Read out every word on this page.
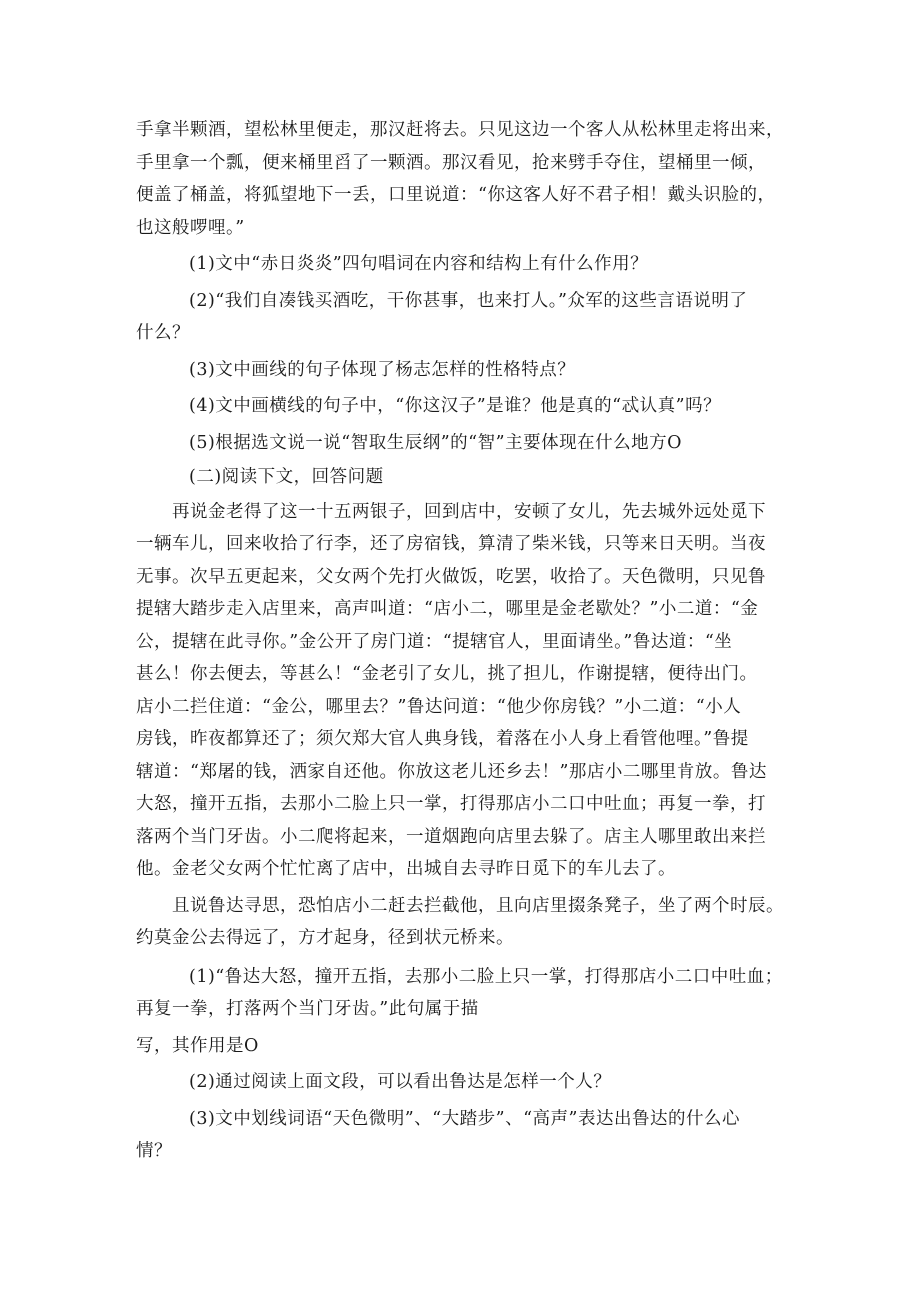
手拿半颗酒，望松林里便走，那汉赶将去。只见这边一个客人从松林里走将出来，

手里拿一个瓢，便来桶里舀了一颗酒。那汉看见，抢来劈手夺住，望桶里一倾，

便盖了桶盖，将狐望地下一丢，口里说道：“你这客人好不君子相！戴头识脸的，

也这般啰哩。”

(1)文中“赤日炎炎”四句唱词在内容和结构上有什么作用？

(2)“我们自凑钱买酒吃，干你甚事，也来打人。”众军的这些言语说明了

什么？

(3)文中画线的句子体现了杨志怎样的性格特点？

(4)文中画横线的句子中，“你这汉子”是谁？他是真的“忒认真”吗？

(5)根据选文说一说“智取生辰纲”的“智”主要体现在什么地方O

(二)阅读下文，回答问题

再说金老得了这一十五两银子，回到店中，安顿了女儿，先去城外远处觅下

一辆车儿，回来收拾了行李，还了房宿钱，算清了柴米钱，只等来日天明。当夜

无事。次早五更起来，父女两个先打火做饭，吃罢，收拾了。天色微明，只见鲁

提辖大踏步走入店里来，高声叫道：“店小二，哪里是金老歇处？”小二道：“金

公，提辖在此寻你。”金公开了房门道：“提辖官人，里面请坐。”鲁达道：“坐

甚么！你去便去，等甚么！“金老引了女儿，挑了担儿，作谢提辖，便待出门。

店小二拦住道：“金公，哪里去？”鲁达问道：“他少你房钱？”小二道：“小人

房钱，昨夜都算还了；须欠郑大官人典身钱，着落在小人身上看管他哩。”鲁提

辖道：“郑屠的钱，洒家自还他。你放这老儿还乡去！”那店小二哪里肯放。鲁达

大怒，撞开五指，去那小二脸上只一掌，打得那店小二口中吐血；再复一拳，打

落两个当门牙齿。小二爬将起来，一道烟跑向店里去躲了。店主人哪里敢出来拦

他。金老父女两个忙忙离了店中，出城自去寻昨日觅下的车儿去了。

且说鲁达寻思，恐怕店小二赶去拦截他，且向店里掇条凳子，坐了两个时辰。

约莫金公去得远了，方才起身，径到状元桥来。

(1)“鲁达大怒，撞开五指，去那小二脸上只一掌，打得那店小二口中吐血；

再复一拳，打落两个当门牙齿。”此句属于描

写，其作用是O

(2)通过阅读上面文段，可以看出鲁达是怎样一个人？

(3)文中划线词语“天色微明”、“大踏步”、“高声”表达出鲁达的什么心

情？
